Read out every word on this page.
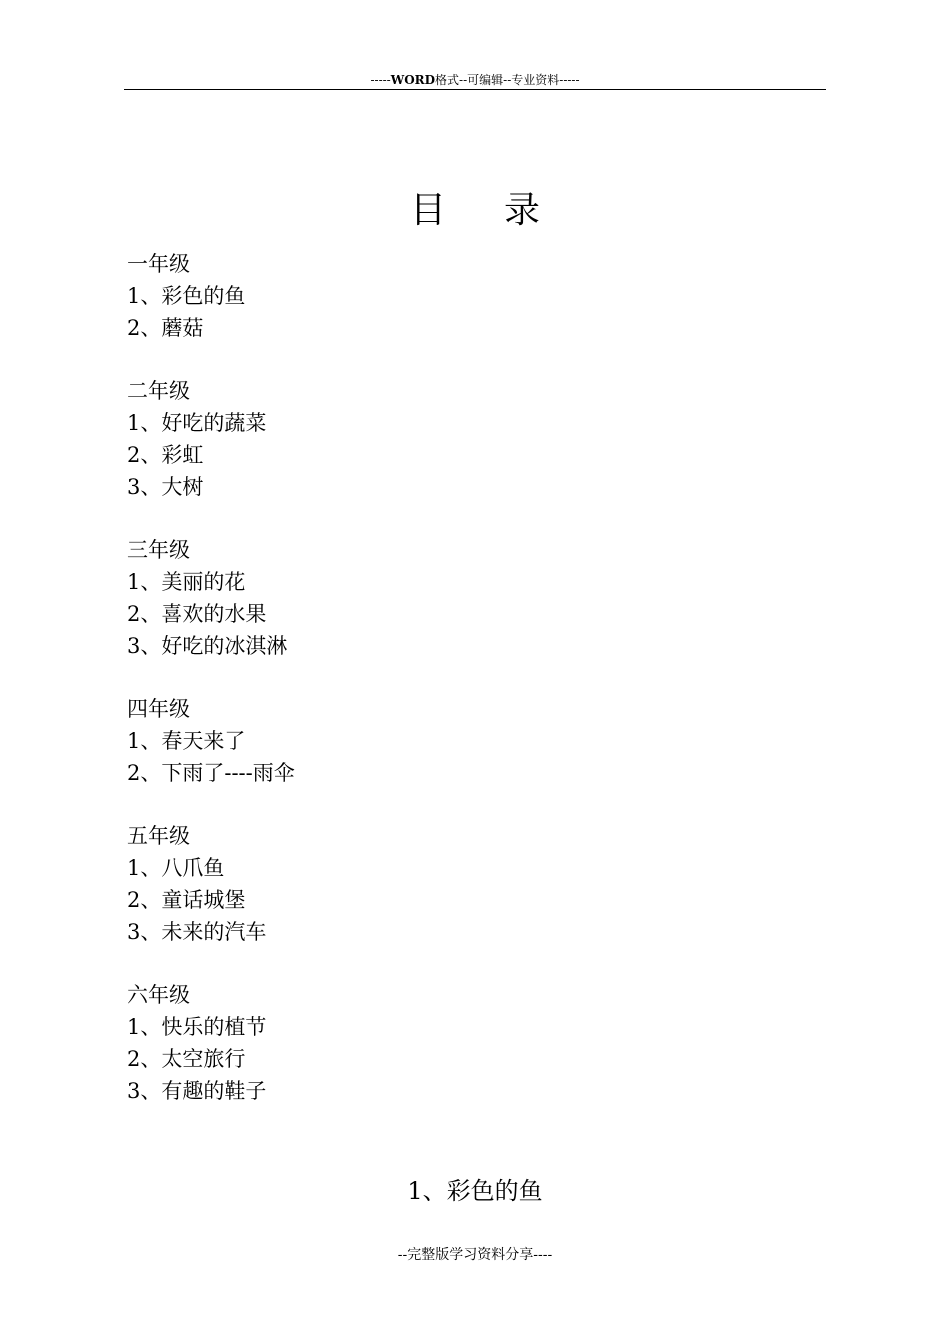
-----WORD格式--可编辑--专业资料-----
目 录
一年级
1、彩色的鱼
2、蘑菇
二年级
1、好吃的蔬菜
2、彩虹
3、大树
三年级
1、美丽的花
2、喜欢的水果
3、好吃的冰淇淋
四年级
1、春天来了
2、下雨了----雨伞
五年级
1、八爪鱼
2、童话城堡
3、未来的汽车
六年级
1、快乐的植节
2、太空旅行
3、有趣的鞋子
1、彩色的鱼
--完整版学习资料分享----
